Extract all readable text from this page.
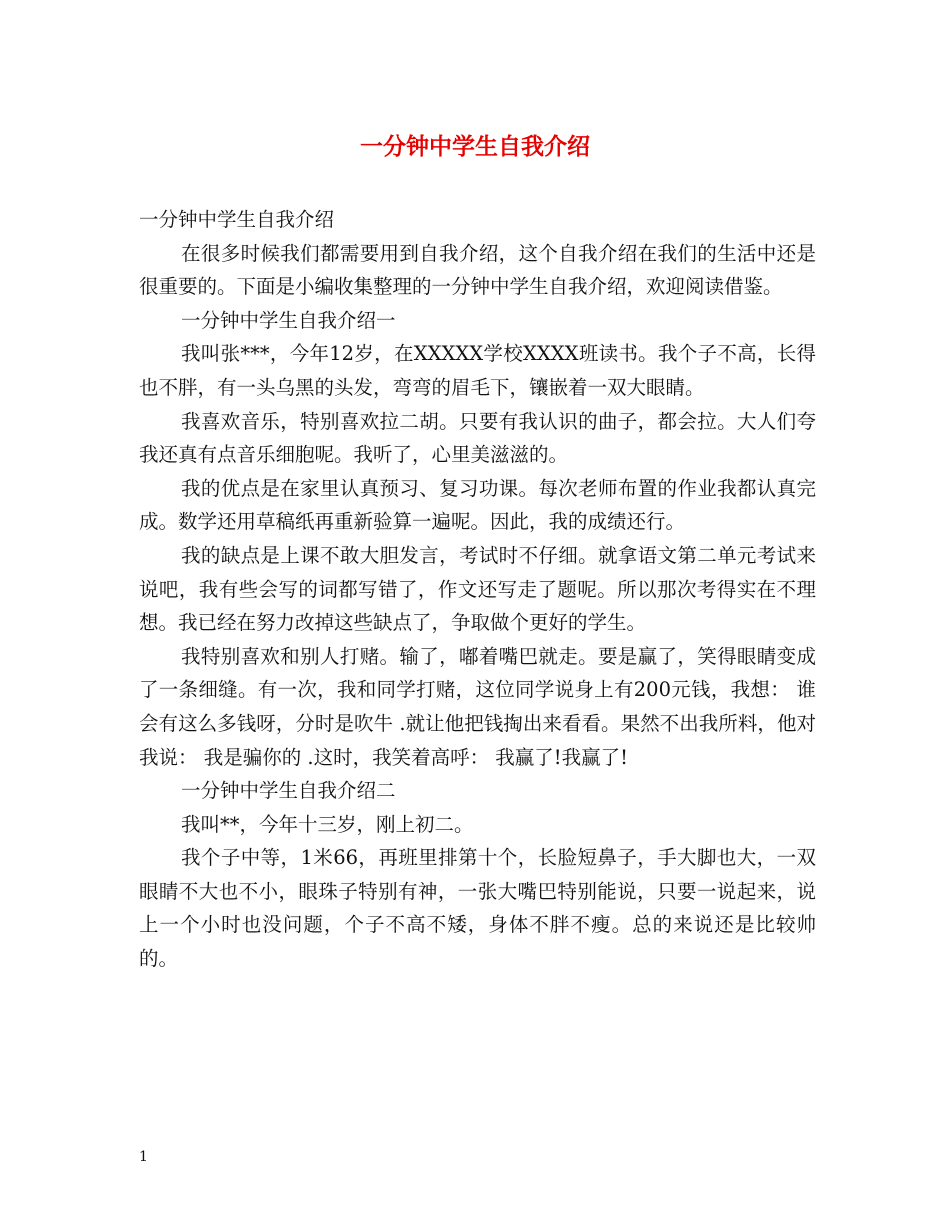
一分钟中学生自我介绍

一分钟中学生自我介绍

在很多时候我们都需要用到自我介绍，这个自我介绍在我们的生活中还是很重要的。下面是小编收集整理的一分钟中学生自我介绍，欢迎阅读借鉴。

一分钟中学生自我介绍一

我叫张***，今年12岁，在XXXXX学校XXXX班读书。我个子不高，长得也不胖，有一头乌黑的头发，弯弯的眉毛下，镶嵌着一双大眼睛。

我喜欢音乐，特别喜欢拉二胡。只要有我认识的曲子，都会拉。大人们夸我还真有点音乐细胞呢。我听了，心里美滋滋的。

我的优点是在家里认真预习、复习功课。每次老师布置的作业我都认真完成。数学还用草稿纸再重新验算一遍呢。因此，我的成绩还行。

我的缺点是上课不敢大胆发言，考试时不仔细。就拿语文第二单元考试来说吧，我有些会写的词都写错了，作文还写走了题呢。所以那次考得实在不理想。我已经在努力改掉这些缺点了，争取做个更好的学生。

我特别喜欢和别人打赌。输了，嘟着嘴巴就走。要是赢了，笑得眼睛变成了一条细缝。有一次，我和同学打赌，这位同学说身上有200元钱，我想： 谁会有这么多钱呀，分时是吹牛 .就让他把钱掏出来看看。果然不出我所料，他对我说： 我是骗你的 .这时，我笑着高呼： 我赢了!我赢了!

一分钟中学生自我介绍二

我叫**，今年十三岁，刚上初二。

我个子中等，1米66，再班里排第十个，长脸短鼻子，手大脚也大，一双眼睛不大也不小，眼珠子特别有神，一张大嘴巴特别能说，只要一说起来，说上一个小时也没问题，个子不高不矮，身体不胖不瘦。总的来说还是比较帅的。

1
